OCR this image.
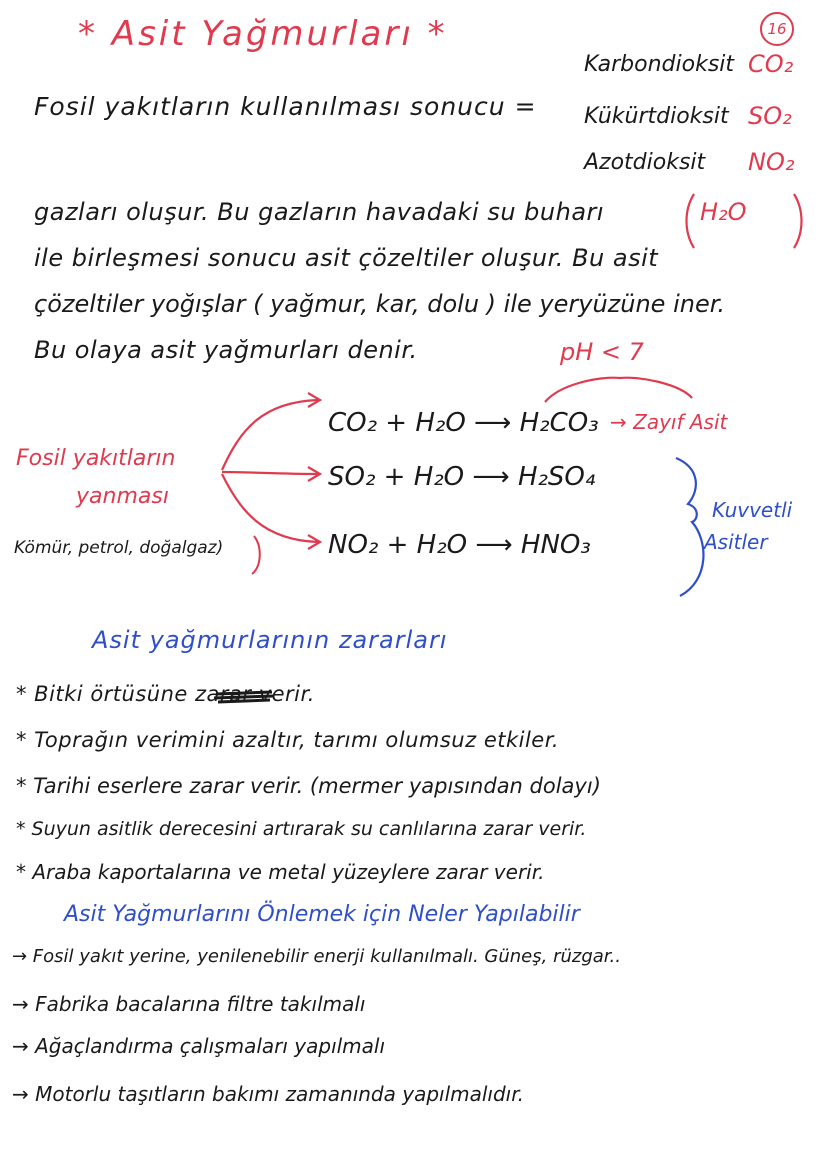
* Asit Yağmurları *	16
Karbondioksit CO₂
Kükürtdioksit SO₂
Azotdioksit NO₂
Fosil yakıtların kullanılması sonucu =
gazları oluşur. Bu gazların havadaki su buharı	H₂O
ile birleşmesi sonucu asit çözeltiler oluşur. Bu asit
çözeltiler yoğışlar ( yağmur, kar, dolu ) ile yeryüzüne iner.
Bu olaya asit yağmurları denir.	pH < 7
CO₂ + H₂O ⟶ H₂CO₃ → Zayıf Asit
SO₂ + H₂O ⟶ H₂SO₄
NO₂ + H₂O ⟶ HNO₃
Fosil yakıtların
yanması
Kömür, petrol, doğalgaz)
Kuvvetli
Asitler
Asit yağmurlarının zararları
* Bitki örtüsüne zarar verir.
* Toprağın verimini azaltır, tarımı olumsuz etkiler.
* Tarihi eserlere zarar verir. (mermer yapısından dolayı)
* Suyun asitlik derecesini artırarak su canlılarına zarar verir.
* Araba kaportalarına ve metal yüzeylere zarar verir.
Asit Yağmurlarını Önlemek için Neler Yapılabilir
→ Fosil yakıt yerine, yenilenebilir enerji kullanılmalı. Güneş, rüzgar..
→ Fabrika bacalarına filtre takılmalı
→ Ağaçlandırma çalışmaları yapılmalı
→ Motorlu taşıtların bakımı zamanında yapılmalıdır.
